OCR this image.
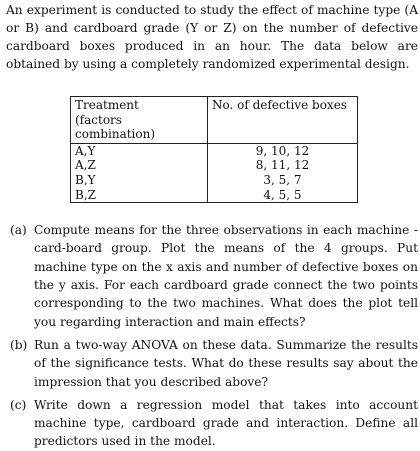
An experiment is conducted to study the effect of machine type (A or B) and cardboard grade (Y or Z) on the number of defective cardboard boxes produced in an hour. The data below are obtained by using a completely randomized experimental design.

Treatment
(factors combination)	No. of defective boxes
A,Y	9, 10, 12
A,Z	8, 11, 12
B,Y	3, 5, 7
B,Z	4, 5, 5
(a) Compute means for the three observations in each machine - card-board group. Plot the means of the 4 groups. Put machine type on the x axis and number of defective boxes on the y axis. For each cardboard grade connect the two points corresponding to the two machines. What does the plot tell you regarding interaction and main effects?
(b) Run a two-way ANOVA on these data. Summarize the results of the significance tests. What do these results say about the impression that you described above?
(c) Write down a regression model that takes into account machine type, cardboard grade and interaction. Define all predictors used in the model.
